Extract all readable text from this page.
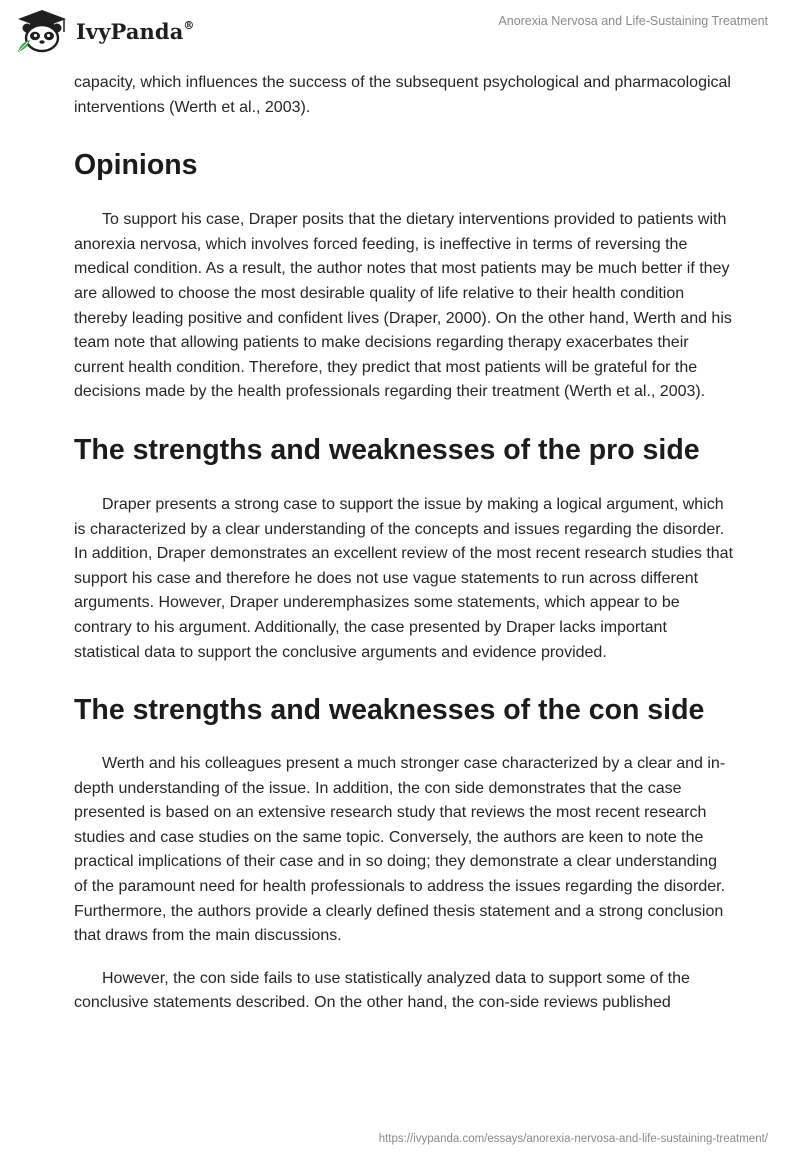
IvyPanda®	Anorexia Nervosa and Life-Sustaining Treatment

capacity, which influences the success of the subsequent psychological and pharmacological interventions (Werth et al., 2003).

Opinions

To support his case, Draper posits that the dietary interventions provided to patients with anorexia nervosa, which involves forced feeding, is ineffective in terms of reversing the medical condition. As a result, the author notes that most patients may be much better if they are allowed to choose the most desirable quality of life relative to their health condition thereby leading positive and confident lives (Draper, 2000). On the other hand, Werth and his team note that allowing patients to make decisions regarding therapy exacerbates their current health condition. Therefore, they predict that most patients will be grateful for the decisions made by the health professionals regarding their treatment (Werth et al., 2003).

The strengths and weaknesses of the pro side

Draper presents a strong case to support the issue by making a logical argument, which is characterized by a clear understanding of the concepts and issues regarding the disorder. In addition, Draper demonstrates an excellent review of the most recent research studies that support his case and therefore he does not use vague statements to run across different arguments. However, Draper underemphasizes some statements, which appear to be contrary to his argument. Additionally, the case presented by Draper lacks important statistical data to support the conclusive arguments and evidence provided.

The strengths and weaknesses of the con side

Werth and his colleagues present a much stronger case characterized by a clear and in-depth understanding of the issue. In addition, the con side demonstrates that the case presented is based on an extensive research study that reviews the most recent research studies and case studies on the same topic. Conversely, the authors are keen to note the practical implications of their case and in so doing; they demonstrate a clear understanding of the paramount need for health professionals to address the issues regarding the disorder. Furthermore, the authors provide a clearly defined thesis statement and a strong conclusion that draws from the main discussions.

However, the con side fails to use statistically analyzed data to support some of the conclusive statements described. On the other hand, the con-side reviews published

https://ivypanda.com/essays/anorexia-nervosa-and-life-sustaining-treatment/
